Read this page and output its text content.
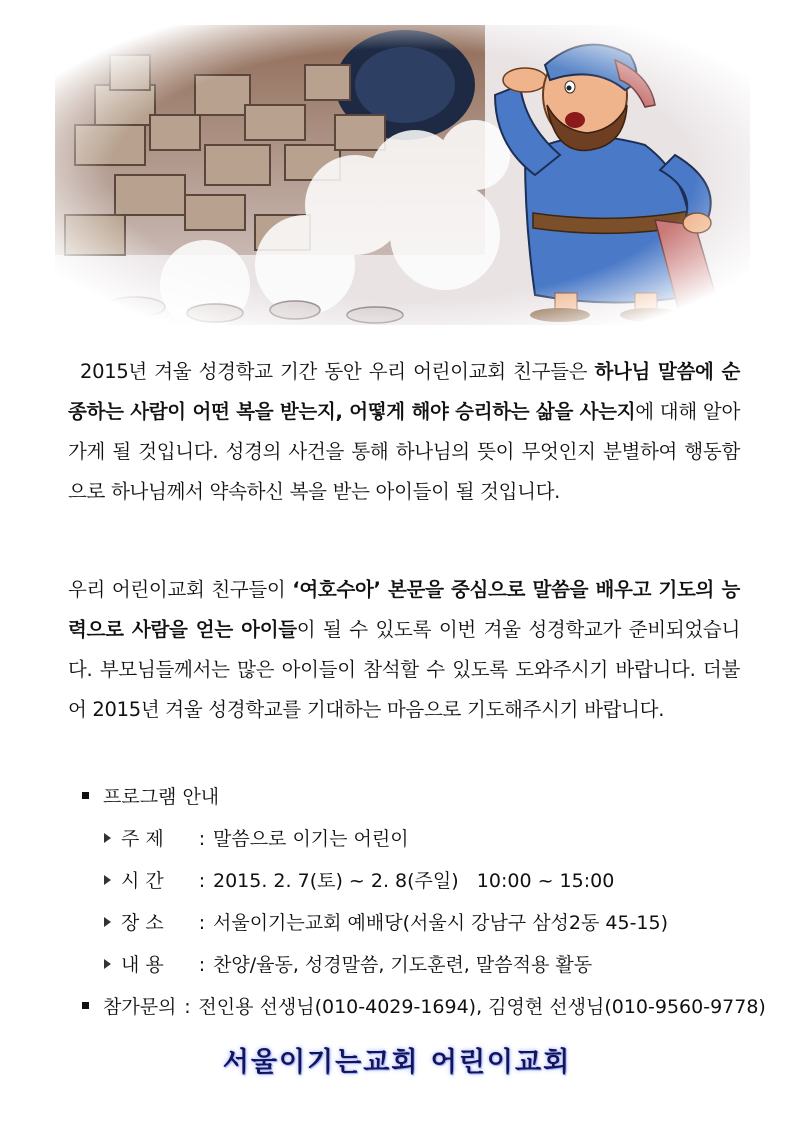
2015년 겨울 성경학교 기간 동안 우리 어린이교회 친구들은 하나님 말씀에 순종하는 사람이 어떤 복을 받는지, 어떻게 해야 승리하는 삶을 사는지에 대해 알아가게 될 것입니다. 성경의 사건을 통해 하나님의 뜻이 무엇인지 분별하여 행동함으로 하나님께서 약속하신 복을 받는 아이들이 될 것입니다.

우리 어린이교회 친구들이 ‘여호수아’ 본문을 중심으로 말씀을 배우고 기도의 능력으로 사람을 얻는 아이들이 될 수 있도록 이번 겨울 성경학교가 준비되었습니다. 부모님들께서는 많은 아이들이 참석할 수 있도록 도와주시기 바랍니다. 더불어 2015년 겨울 성경학교를 기대하는 마음으로 기도해주시기 바랍니다.

프로그램 안내
주 제 : 말씀으로 이기는 어린이
시 간 : 2015. 2. 7(토) ~ 2. 8(주일)   10:00 ~ 15:00
장 소 : 서울이기는교회 예배당(서울시 강남구 삼성2동 45-15)
내 용 : 찬양/율동, 성경말씀, 기도훈련, 말씀적용 활동
참가문의 : 전인용 선생님(010-4029-1694), 김영현 선생님(010-9560-9778)
서울이기는교회 어린이교회
